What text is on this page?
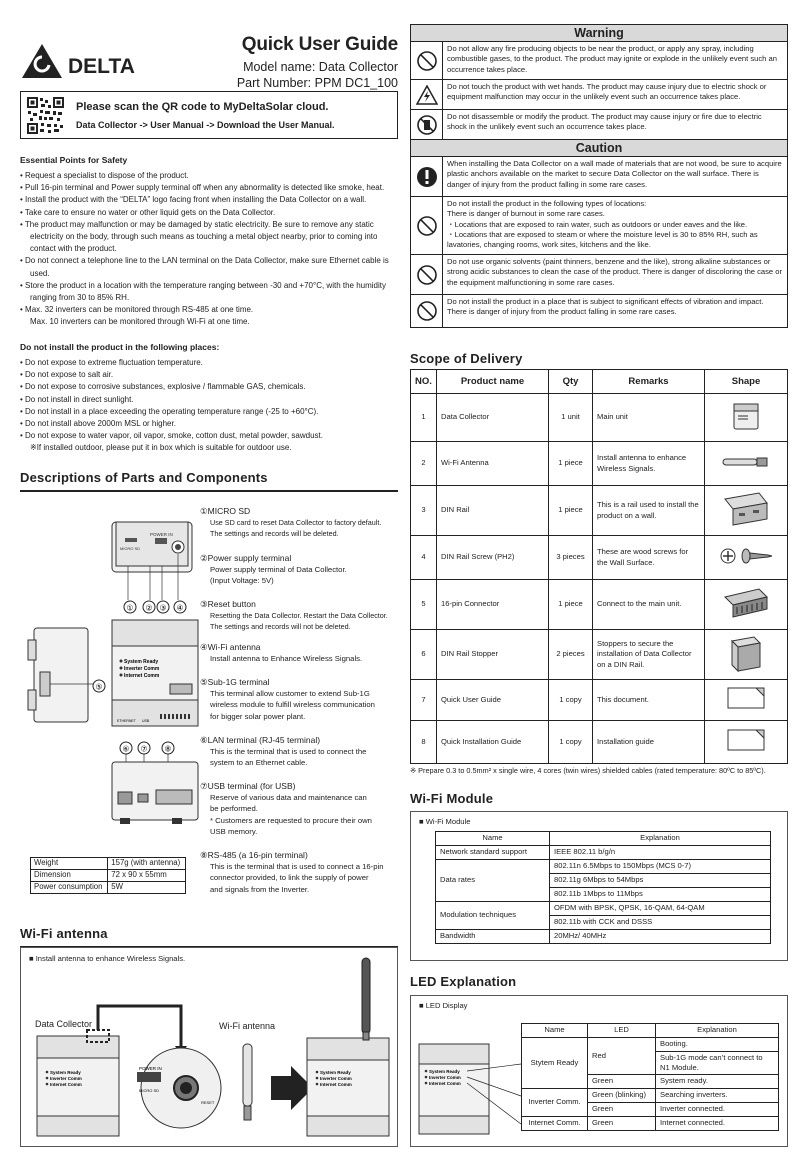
DELTA
Quick User Guide
Model name: Data Collector
Part Number: PPM DC1_100
Please scan the QR code to MyDeltaSolar cloud.
Data Collector -> User Manual -> Download the User Manual.
Essential Points for Safety
• Request a specialist to dispose of the product.
• Pull 16-pin terminal and Power supply terminal off when any abnormality is detected like smoke, heat.
• Install the product with the “DELTA” logo facing front when installing the Data Collector on a wall.
• Take care to ensure no water or other liquid gets on the Data Collector.
• The product may malfunction or may be damaged by static electricity. Be sure to remove any static electricity on the body, through such means as touching a metal object nearby, prior to coming into contact with the product.
• Do not connect a telephone line to the LAN terminal on the Data Collector, make sure Ethernet cable is used.
• Store the product in a location with the temperature ranging between -30 and +70°C, with the humidity ranging from 30 to 85% RH.
• Max. 32 inverters can be monitored through RS-485 at one time.
Max. 10 inverters can be monitored through Wi-Fi at one time.
Do not install the product in the following places:
• Do not expose to extreme fluctuation temperature.
• Do not expose to salt air.
• Do not expose to corrosive substances, explosive / flammable GAS, chemicals.
• Do not install in direct sunlight.
• Do not install in a place exceeding the operating temperature range (-25 to +60°C).
• Do not install above 2000m MSL or higher.
• Do not expose to water vapor, oil vapor, smoke, cotton dust, metal powder, sawdust.
※If installed outdoor, please put it in box which is suitable for outdoor use.
Descriptions of Parts and Components
POWER IN
MICRO SD
① ② ③ ④
System Ready
Inverter Comm
Internet Comm
ETHERNET USB
⑤
⑥ ⑦ ⑧
①MICRO SD
Use SD card to reset Data Collector to factory default.
The settings and records will be deleted.
②Power supply terminal
Power supply terminal of Data Collector.
(Input Voltage: 5V)
③Reset button
Resetting the Data Collector. Restart the Data Collector.
The settings and records will not be deleted.
④Wi-Fi antenna
Install antenna to Enhance Wireless Signals.
⑤Sub-1G terminal
This terminal allow customer to extend Sub-1G
wireless module to fulfill wireless communication
for bigger solar power plant.
⑥LAN terminal (RJ-45 terminal)
This is the terminal that is used to connect the
system to an Ethernet cable.
⑦USB terminal (for USB)
Reserve of various data and maintenance can
be performed.
* Customers are requested to procure their own
USB memory.
⑧RS-485 (a 16-pin terminal)
This is the terminal that is used to connect a 16-pin
connector provided, to link the supply of power
and signals from the Inverter.
Weight	157g (with antenna)
Dimension	72 x 90 x 55mm
Power consumption	5W
Wi-Fi antenna
■ Install antenna to enhance Wireless Signals.
Data Collector	Wi-Fi antenna
System Ready
Inverter Comm
Internet Comm
POWER IN
MICRO SD
RESET
System Ready
Inverter Comm
Internet Comm
Warning
Do not allow any fire producing objects to be near the product, or apply any spray, including combustible gases, to the product. The product may ignite or explode in the unlikely event such an occurrence takes place.
Do not touch the product with wet hands. The product may cause injury due to electric shock or equipment malfunction may occur in the unlikely event such an occurrence takes place.
Do not disassemble or modify the product. The product may cause injury or fire due to electric shock in the unlikely event such an occurrence takes place.
Caution
When installing the Data Collector on a wall made of materials that are not wood, be sure to acquire plastic anchors available on the market to secure Data Collector on the wall surface. There is danger of injury from the product falling in some rare cases.
Do not install the product in the following types of locations:
There is danger of burnout in some rare cases.
・Locations that are exposed to rain water, such as outdoors or under eaves and the like.
・Locations that are exposed to steam or where the moisture level is 30 to 85% RH, such as lavatories, changing rooms, work sites, kitchens and the like.
Do not use organic solvents (paint thinners, benzene and the like), strong alkaline substances or strong acidic substances to clean the case of the product. There is danger of discoloring the case or the equipment malfunctioning in some rare cases.
Do not install the product in a place that is subject to significant effects of vibration and impact. There is danger of injury from the product falling in some rare cases.
Scope of Delivery
NO.	Product name	Qty	Remarks	Shape
1	Data Collector	1 unit	Main unit	
2	Wi-Fi Antenna	1 piece	Install antenna to enhance Wireless Signals.	
3	DIN Rail	1 piece	This is a rail used to install the product on a wall.	
4	DIN Rail Screw (PH2)	3 pieces	These are wood screws for the Wall Surface.	
5	16-pin Connector	1 piece	Connect to the main unit.	
6	DIN Rail Stopper	2 pieces	Stoppers to secure the installation of Data Collector on a DIN Rail.	
7	Quick User Guide	1 copy	This document.	
8	Quick Installation Guide	1 copy	Installation guide	
※ Prepare 0.3 to 0.5mm² x single wire, 4 cores (twin wires) shielded cables (rated temperature: 80ºC to 85ºC).
Wi-Fi Module
■ Wi-Fi Module
Name	Explanation
Network standard support	IEEE 802.11 b/g/n
Data rates	802.11n 6.5Mbps to 150Mbps (MCS 0-7)
	802.11g 6Mbps to 54Mbps
	802.11b 1Mbps to 11Mbps
Modulation techniques	OFDM with BPSK, QPSK, 16-QAM, 64-QAM
	802.11b with CCK and DSSS
Bandwidth	20MHz/ 40MHz
LED Explanation
■ LED Display
System Ready
Inverter Comm
Internet Comm
Name	LED	Explanation
Stytem Ready	Red	Booting.
		Sub-1G mode can’t connect to N1 Module.
	Green	System ready.
Inverter Comm.	Green (blinking)	Searching inverters.
	Green	Inverter connected.
Internet Comm.	Green	Internet connected.
